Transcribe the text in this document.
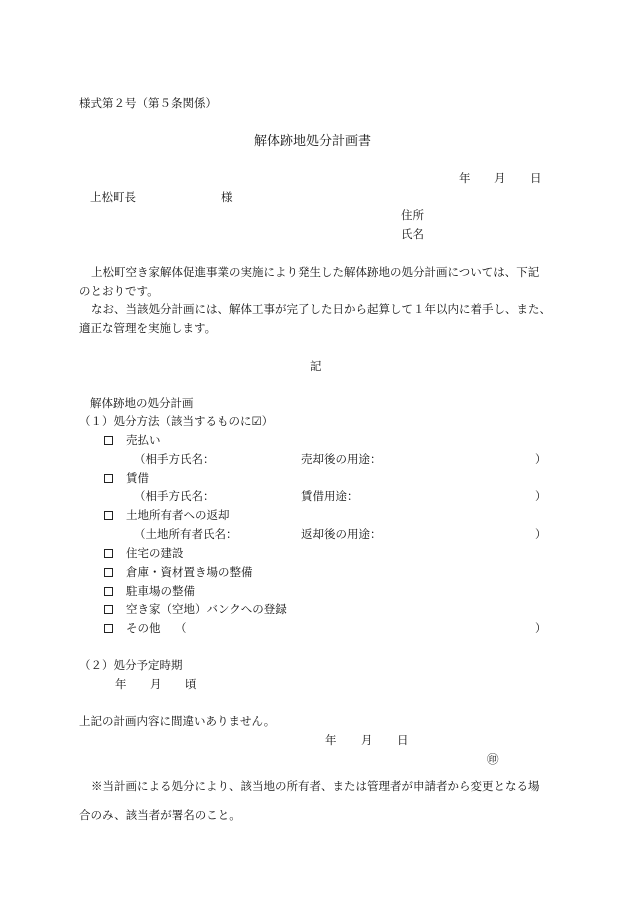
様式第２号（第５条関係）
解体跡地処分計画書
年 月 日
上松町長	様
住所
氏名
上松町空き家解体促進事業の実施により発生した解体跡地の処分計画については、下記
のとおりです。
なお、当該処分計画には、解体工事が完了した日から起算して１年以内に着手し、また、
適正な管理を実施します。
記
解体跡地の処分計画
（１）処分方法（該当するものに☑）
売払い
（相手方氏名：	売却後の用途：	）
賃借
（相手方氏名：	賃借用途：	）
土地所有者への返却
（土地所有者氏名：	返却後の用途：	）
住宅の建設
倉庫・資材置き場の整備
駐車場の整備
空き家（空地）バンクへの登録
その他 （	）
（２）処分予定時期
年 月 頃
上記の計画内容に間違いありません。
年 月 日
㊞
※当計画による処分により、該当地の所有者、または管理者が申請者から変更となる場
合のみ、該当者が署名のこと。
